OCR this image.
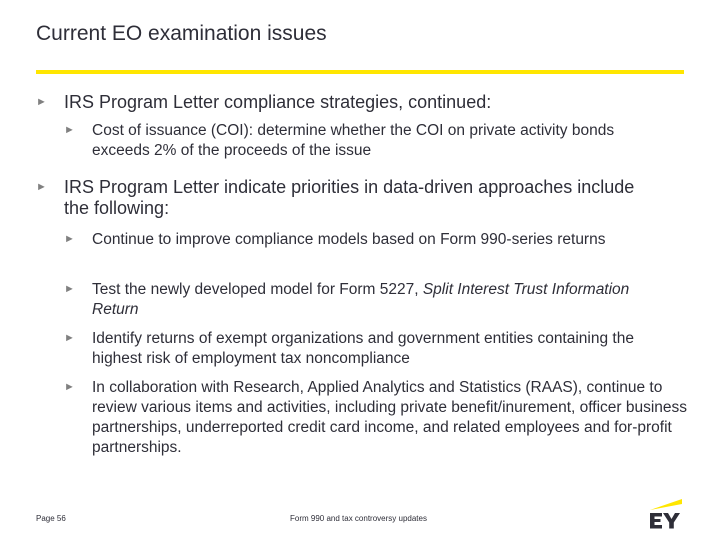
Current EO examination issues
► IRS Program Letter compliance strategies, continued:
► Cost of issuance (COI): determine whether the COI on private activity bonds exceeds 2% of the proceeds of the issue
► IRS Program Letter indicate priorities in data-driven approaches include the following:
► Continue to improve compliance models based on Form 990-series returns
► Test the newly developed model for Form 5227, Split Interest Trust Information Return
► Identify returns of exempt organizations and government entities containing the highest risk of employment tax noncompliance
► In collaboration with Research, Applied Analytics and Statistics (RAAS), continue to review various items and activities, including private benefit/inurement, officer business partnerships, underreported credit card income, and related employees and for-profit partnerships.
Page 56	Form 990 and tax controversy updates
